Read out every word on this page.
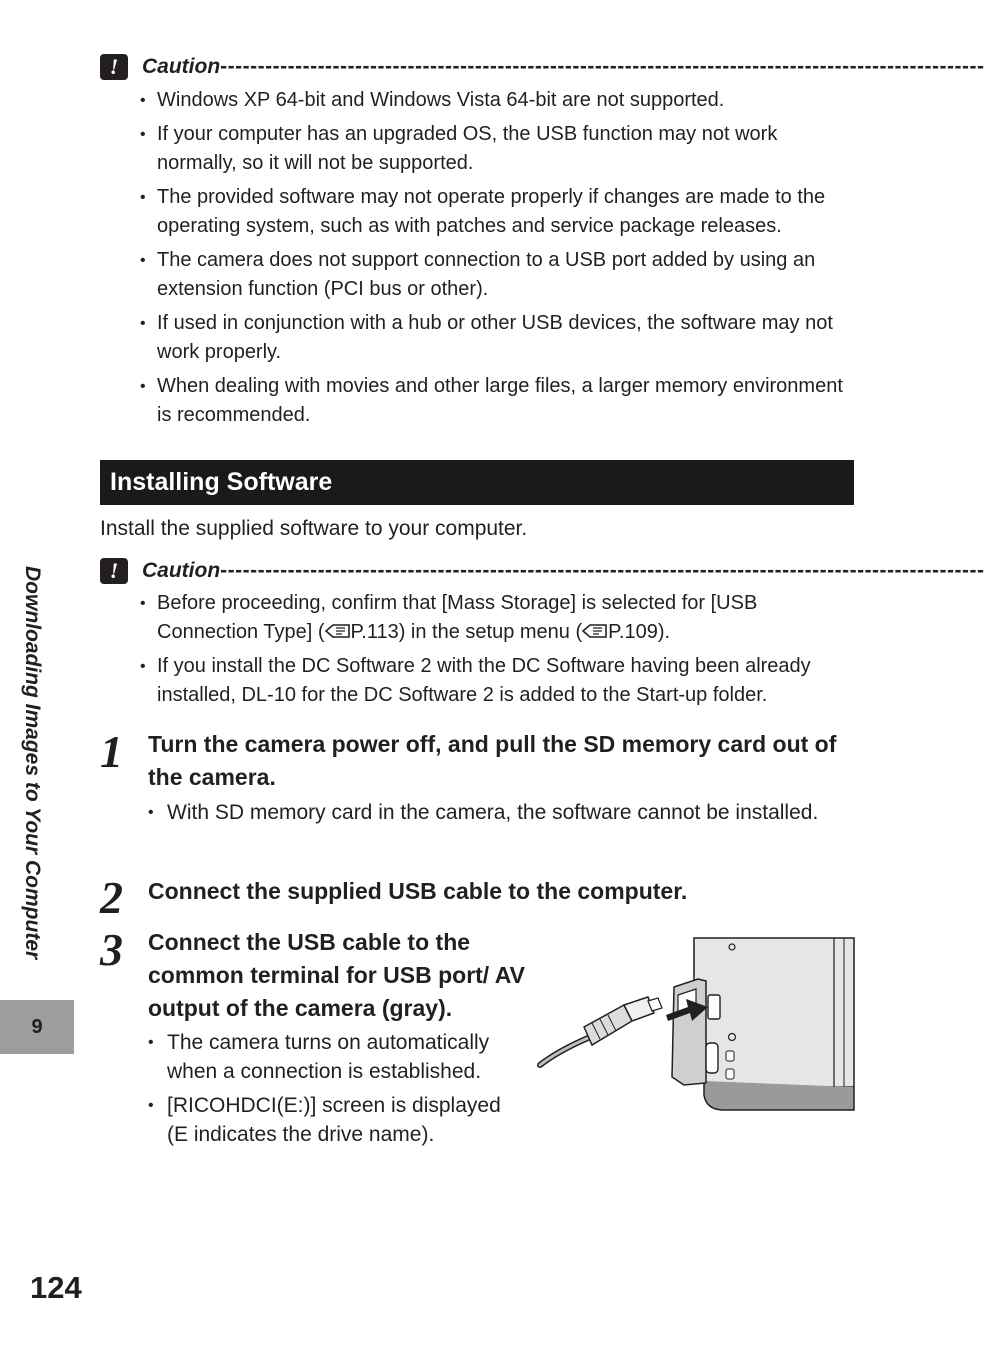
!	Caution ------------------------------------------------------------------------------------------------------
• Windows XP 64-bit and Windows Vista 64-bit are not supported.
• If your computer has an upgraded OS, the USB function may not work normally, so it will not be supported.
• The provided software may not operate properly if changes are made to the operating system, such as with patches and service package releases.
• The camera does not support connection to a USB port added by using an extension function (PCI bus or other).
• If used in conjunction with a hub or other USB devices, the software may not work properly.
• When dealing with movies and other large files, a larger memory environment is recommended.
Installing Software
Install the supplied software to your computer.
!	Caution ------------------------------------------------------------------------------------------------------
• Before proceeding, confirm that [Mass Storage] is selected for [USB Connection Type] ( P.113) in the setup menu ( P.109).
• If you install the DC Software 2 with the DC Software having been already installed, DL-10 for the DC Software 2 is added to the Start-up folder.
1 Turn the camera power off, and pull the SD memory card out of the camera.
• With SD memory card in the camera, the software cannot be installed.
2 Connect the supplied USB cable to the computer.
3 Connect the USB cable to the common terminal for USB port/ AV output of the camera (gray).
• The camera turns on automatically when a connection is established.
• [RICOHDCI(E:)] screen is displayed (E indicates the drive name).
Downloading Images to Your Computer
9
124
